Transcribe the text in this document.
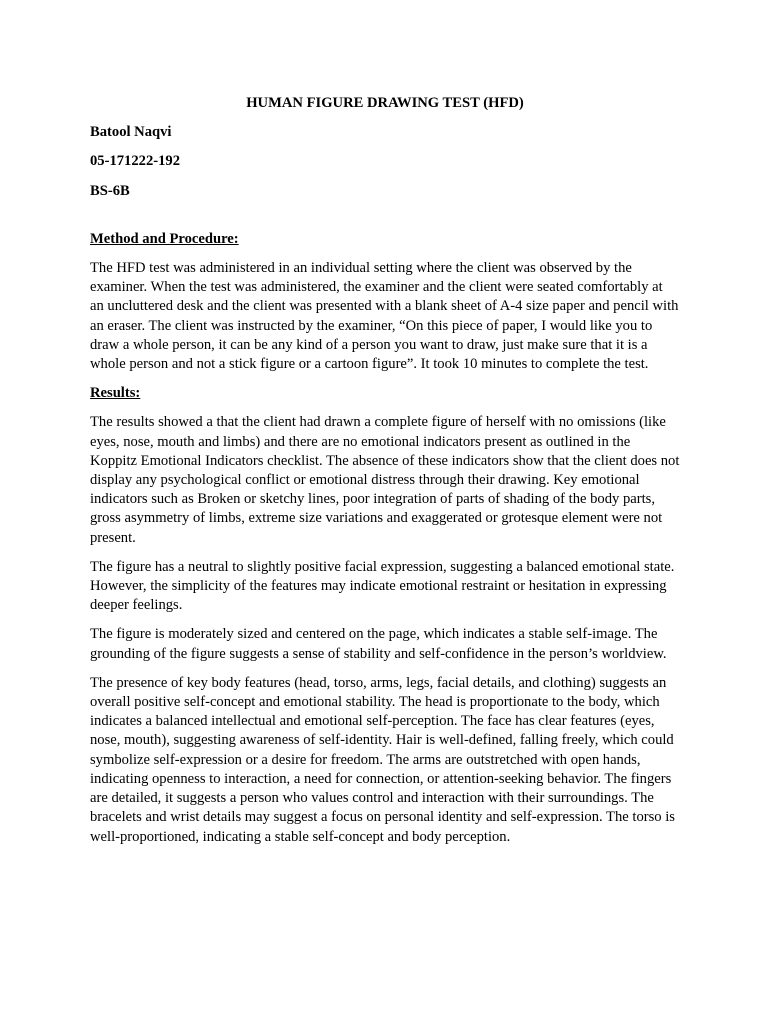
HUMAN FIGURE DRAWING TEST (HFD)
Batool Naqvi
05-171222-192
BS-6B
Method and Procedure:

The HFD test was administered in an individual setting where the client was observed by the examiner. When the test was administered, the examiner and the client were seated comfortably at an uncluttered desk and the client was presented with a blank sheet of A-4 size paper and pencil with an eraser. The client was instructed by the examiner, “On this piece of paper, I would like you to draw a whole person, it can be any kind of a person you want to draw, just make sure that it is a whole person and not a stick figure or a cartoon figure”. It took 10 minutes to complete the test.

Results:

The results showed a that the client had drawn a complete figure of herself with no omissions (like eyes, nose, mouth and limbs) and there are no emotional indicators present as outlined in the Koppitz Emotional Indicators checklist. The absence of these indicators show that the client does not display any psychological conflict or emotional distress through their drawing. Key emotional indicators such as Broken or sketchy lines, poor integration of parts of shading of the body parts, gross asymmetry of limbs, extreme size variations and exaggerated or grotesque element were not present.

The figure has a neutral to slightly positive facial expression, suggesting a balanced emotional state. However, the simplicity of the features may indicate emotional restraint or hesitation in expressing deeper feelings.

The figure is moderately sized and centered on the page, which indicates a stable self-image. The grounding of the figure suggests a sense of stability and self-confidence in the person’s worldview.

The presence of key body features (head, torso, arms, legs, facial details, and clothing) suggests an overall positive self-concept and emotional stability. The head is proportionate to the body, which indicates a balanced intellectual and emotional self-perception. The face has clear features (eyes, nose, mouth), suggesting awareness of self-identity. Hair is well-defined, falling freely, which could symbolize self-expression or a desire for freedom. The arms are outstretched with open hands, indicating openness to interaction, a need for connection, or attention-seeking behavior. The fingers are detailed, it suggests a person who values control and interaction with their surroundings. The bracelets and wrist details may suggest a focus on personal identity and self-expression. The torso is well-proportioned, indicating a stable self-concept and body perception.
